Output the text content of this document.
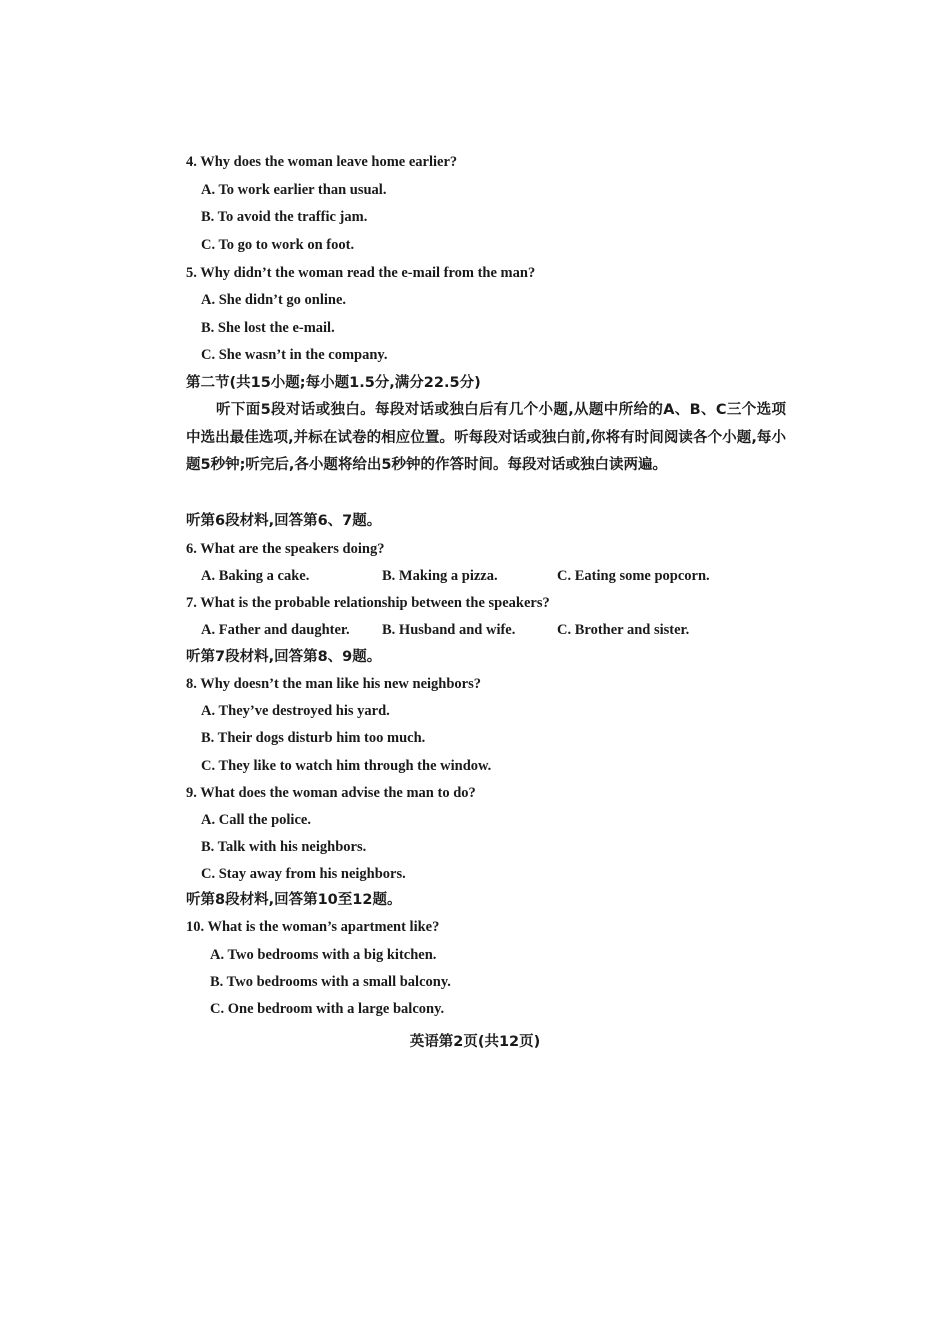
4. Why does the woman leave home earlier?
A. To work earlier than usual.
B. To avoid the traffic jam.
C. To go to work on foot.
5. Why didn’t the woman read the e-mail from the man?
A. She didn’t go online.
B. She lost the e-mail.
C. She wasn’t in the company.
第二节(共15小题;每小题1.5分,满分22.5分)
听下面5段对话或独白。每段对话或独白后有几个小题,从题中所给的A、B、C三个选项中选出最佳选项,并标在试卷的相应位置。听每段对话或独白前,你将有时间阅读各个小题,每小题5秒钟;听完后,各小题将给出5秒钟的作答时间。每段对话或独白读两遍。
听第6段材料,回答第6、7题。
6. What are the speakers doing?
A. Baking a cake.	B. Making a pizza.	C. Eating some popcorn.
7. What is the probable relationship between the speakers?
A. Father and daughter. B. Husband and wife.	C. Brother and sister.
听第7段材料,回答第8、9题。
8. Why doesn’t the man like his new neighbors?
A. They’ve destroyed his yard.
B. Their dogs disturb him too much.
C. They like to watch him through the window.
9. What does the woman advise the man to do?
A. Call the police.
B. Talk with his neighbors.
C. Stay away from his neighbors.
听第8段材料,回答第10至12题。
10. What is the woman’s apartment like?
A. Two bedrooms with a big kitchen.
B. Two bedrooms with a small balcony.
C. One bedroom with a large balcony.
英语第2页(共12页)
